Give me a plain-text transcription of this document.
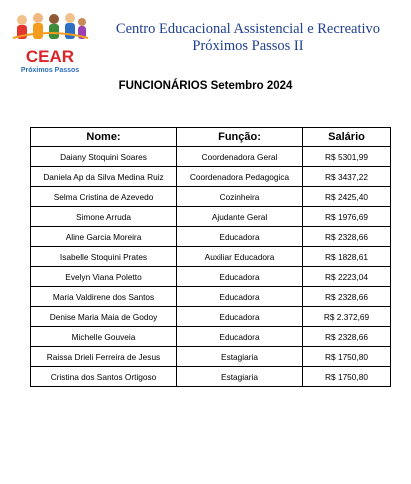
CEAR
Próximos Passos
Centro Educacional Assistencial e Recreativo
Próximos Passos II
FUNCIONÁRIOS Setembro 2024
Nome:	Função:	Salário
Daiany Stoquini Soares	Coordenadora Geral	R$ 5301,99
Daniela Ap da Silva Medina Ruiz	Coordenadora Pedagogica	R$ 3437,22
Selma Cristina de Azevedo	Cozinheira	R$ 2425,40
Simone Arruda	Ajudante Geral	R$ 1976,69
Aline Garcia Moreira	Educadora	R$ 2328,66
Isabelle Stoquini Prates	Auxiliar Educadora	R$ 1828,61
Evelyn Viana Poletto	Educadora	R$ 2223,04
Maria Valdirene dos Santos	Educadora	R$ 2328,66
Denise Maria Maia de Godoy	Educadora	R$ 2.372,69
Michelle Gouveia	Educadora	R$ 2328,66
Raissa Drieli Ferreira de Jesus	Estagiaria	R$ 1750,80
Cristina dos Santos Ortigoso	Estagiaria	R$ 1750,80
